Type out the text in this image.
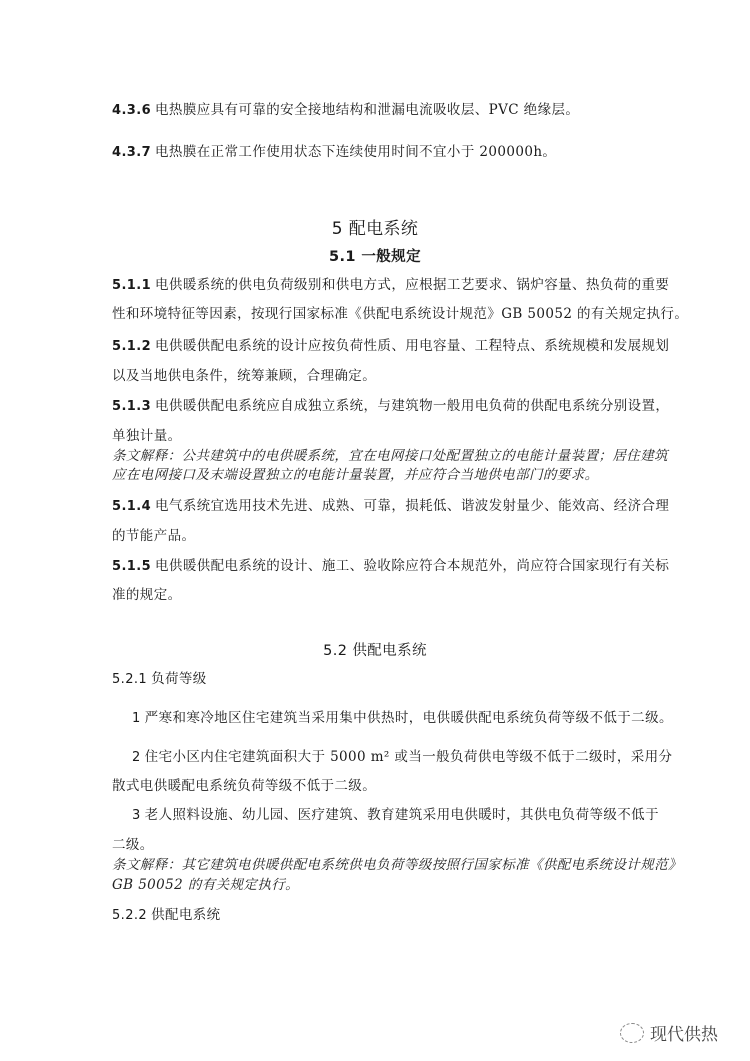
4.3.6 电热膜应具有可靠的安全接地结构和泄漏电流吸收层、PVC 绝缘层。
4.3.7 电热膜在正常工作使用状态下连续使用时间不宜小于 200000h。
5 配电系统
5.1 一般规定
5.1.1 电供暖系统的供电负荷级别和供电方式，应根据工艺要求、锅炉容量、热负荷的重要
性和环境特征等因素，按现行国家标准《供配电系统设计规范》GB 50052 的有关规定执行。
5.1.2 电供暖供配电系统的设计应按负荷性质、用电容量、工程特点、系统规模和发展规划
以及当地供电条件，统筹兼顾，合理确定。
5.1.3 电供暖供配电系统应自成独立系统，与建筑物一般用电负荷的供配电系统分别设置，
单独计量。
条文解释：公共建筑中的电供暖系统，宜在电网接口处配置独立的电能计量装置；居住建筑
应在电网接口及末端设置独立的电能计量装置，并应符合当地供电部门的要求。
5.1.4 电气系统宜选用技术先进、成熟、可靠，损耗低、谐波发射量少、能效高、经济合理
的节能产品。
5.1.5 电供暖供配电系统的设计、施工、验收除应符合本规范外，尚应符合国家现行有关标
准的规定。
5.2 供配电系统
5.2.1 负荷等级
1 严寒和寒冷地区住宅建筑当采用集中供热时，电供暖供配电系统负荷等级不低于二级。
2 住宅小区内住宅建筑面积大于 5000 m² 或当一般负荷供电等级不低于二级时，采用分
散式电供暖配电系统负荷等级不低于二级。
3 老人照料设施、幼儿园、医疗建筑、教育建筑采用电供暖时，其供电负荷等级不低于
二级。
条文解释：其它建筑电供暖供配电系统供电负荷等级按照行国家标准《供配电系统设计规范》
GB 50052 的有关规定执行。
5.2.2 供配电系统
现代供热
